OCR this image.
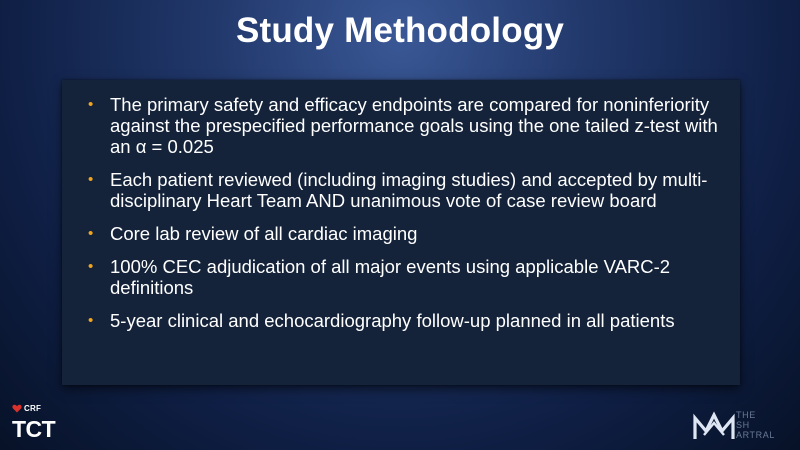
Study Methodology
• The primary safety and efficacy endpoints are compared for noninferiority against the prespecified performance goals using the one tailed z-test with an α = 0.025
• Each patient reviewed (including imaging studies) and accepted by multi-disciplinary Heart Team AND unanimous vote of case review board
• Core lab review of all cardiac imaging
• 100% CEC adjudication of all major events using applicable VARC-2 definitions
• 5-year clinical and echocardiography follow-up planned in all patients
CRF
TCT
THE
SH
ARTRAL
